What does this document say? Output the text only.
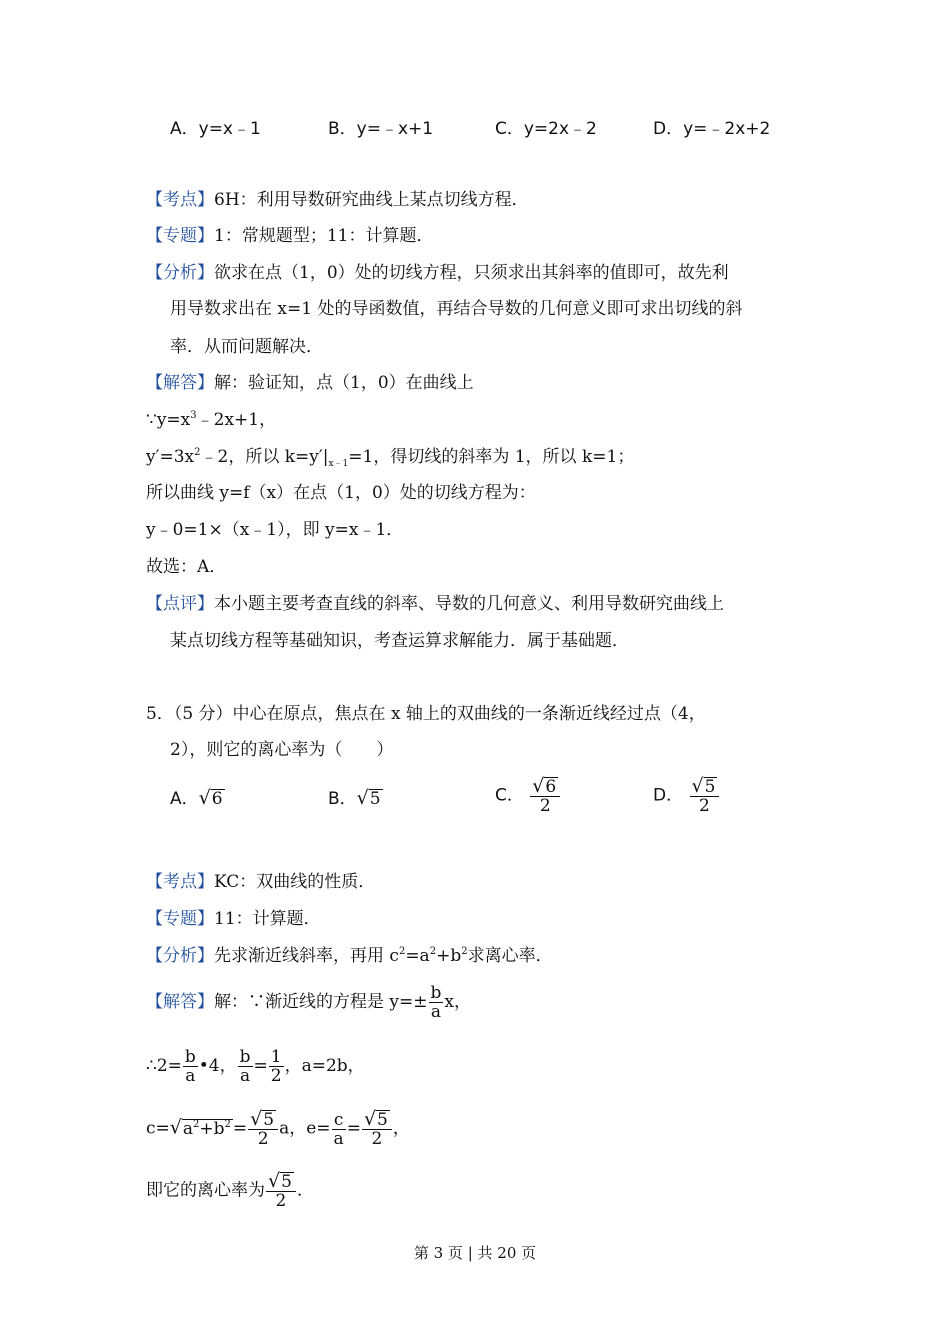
A．y=x﹣1	B．y=﹣x+1	C．y=2x﹣2	D．y=﹣2x+2
【考点】6H：利用导数研究曲线上某点切线方程．
【专题】1：常规题型；11：计算题．
【分析】欲求在点（1，0）处的切线方程，只须求出其斜率的值即可，故先利
用导数求出在 x=1 处的导函数值，再结合导数的几何意义即可求出切线的斜
率．从而问题解决．
【解答】解：验证知，点（1，0）在曲线上
$\because y=x^3﹣2x+1$，
$y'=3x^2﹣2$，所以 $k=y'|_{x﹣1}=1$，得切线的斜率为 1，所以 k=1；
所以曲线 y=f（x）在点（1，0）处的切线方程为：
y﹣0=1×（x﹣1），即 y=x﹣1．
故选：A．
【点评】本小题主要考查直线的斜率、导数的几何意义、利用导数研究曲线上
某点切线方程等基础知识，考查运算求解能力．属于基础题．
5．（5 分）中心在原点，焦点在 x 轴上的双曲线的一条渐近线经过点（4，
2），则它的离心率为（　　）
A．√6	B．√5	C． $\frac{√6}{2}$	D． $\frac{√5}{2}$
【考点】KC：双曲线的性质．
【专题】11：计算题．
【分析】先求渐近线斜率，再用 $c^2=a^2+b^2$求离心率．
【解答】解：∵渐近线的方程是 $y=\pm \frac{b}{a}$ x，
∴2= $\frac{b}{a}$ •4， $\frac{b}{a} = \frac{1}{2}$ ，a=2b，
$c=√a^2+b^2 = \frac{√5}{2}$ a，$e= \frac{c}{a} = \frac{√5}{2}$ ，
即它的离心率为 $\frac{√5}{2}$ ．
第 3 页 | 共 20 页
